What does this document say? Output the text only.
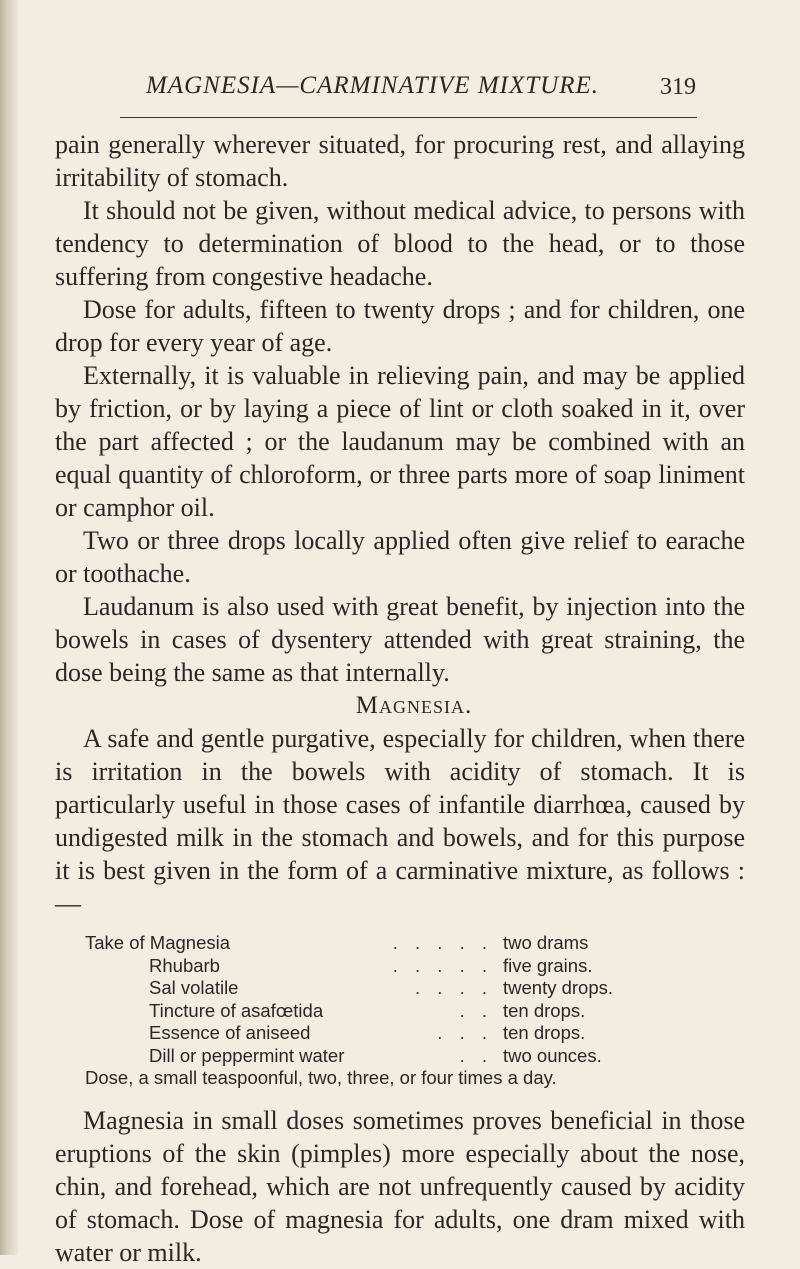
MAGNESIA—CARMINATIVE MIXTURE.	319

pain generally wherever situated, for procuring rest, and allaying irritability of stomach.

It should not be given, without medical advice, to persons with tendency to determination of blood to the head, or to those suffering from congestive headache.

Dose for adults, fifteen to twenty drops ; and for children, one drop for every year of age.

Externally, it is valuable in relieving pain, and may be applied by friction, or by laying a piece of lint or cloth soaked in it, over the part affected ; or the laudanum may be combined with an equal quantity of chloroform, or three parts more of soap liniment or camphor oil.

Two or three drops locally applied often give relief to earache or toothache.

Laudanum is also used with great benefit, by injection into the bowels in cases of dysentery attended with great straining, the dose being the same as that internally.

Magnesia.

A safe and gentle purgative, especially for children, when there is irritation in the bowels with acidity of stomach. It is particularly useful in those cases of infantile diarrhœa, caused by undigested milk in the stomach and bowels, and for this purpose it is best given in the form of a carminative mixture, as follows :—

Take of Magnesia	. . . . . two drams
Rhubarb	. . . . . five grains.
Sal volatile	. . . . twenty drops.
Tincture of asafœtida	. . ten drops.
Essence of aniseed	. . . ten drops.
Dill or peppermint water	. . two ounces.
Dose, a small teaspoonful, two, three, or four times a day.

Magnesia in small doses sometimes proves beneficial in those eruptions of the skin (pimples) more especially about the nose, chin, and forehead, which are not unfrequently caused by acidity of stomach. Dose of magnesia for adults, one dram mixed with water or milk.
